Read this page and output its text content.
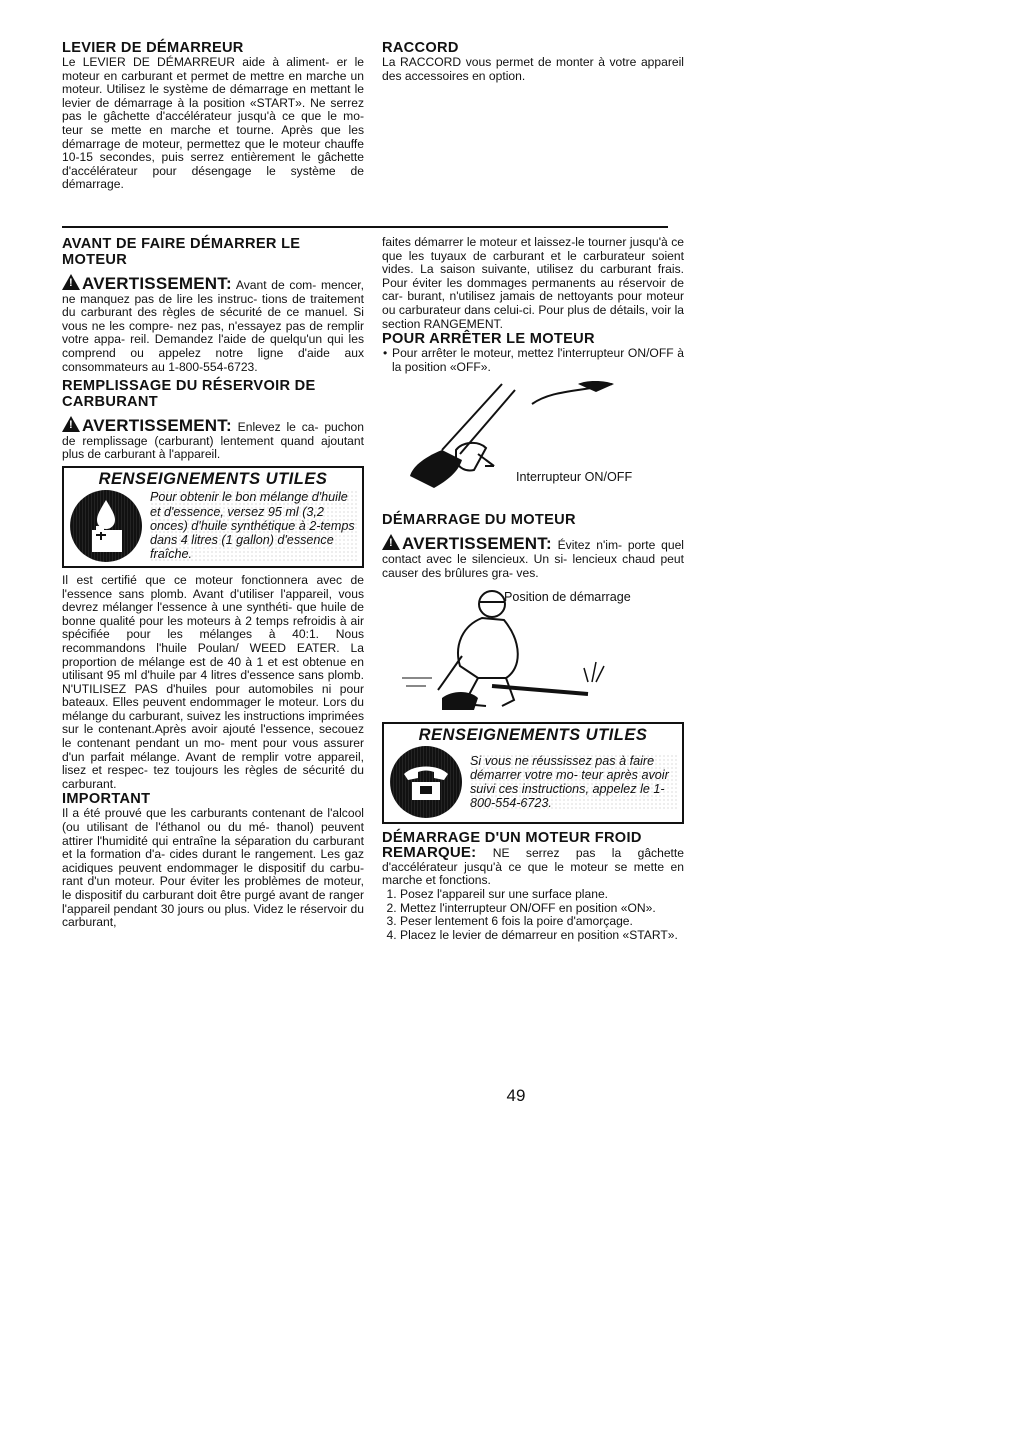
LEVIER DE DÉMARREUR

Le LEVIER DE DÉMARREUR aide à aliment- er le moteur en carburant et permet de mettre en marche un moteur. Utilisez le système de démarrage en mettant le levier de démarrage à la position «START». Ne serrez pas le gâchette d'accélérateur jusqu'à ce que le mo- teur se mette en marche et tourne. Après que les démarrage de moteur, permettez que le moteur chauffe 10-15 secondes, puis serrez entièrement le gâchette d'accélérateur pour désengage le système de démarrage.

RACCORD

La RACCORD vous permet de monter à votre appareil des accessoires en option.

AVANT DE FAIRE DÉMARRER LE MOTEUR

!AVERTISSEMENT: Avant de com- mencer, ne manquez pas de lire les instruc- tions de traitement du carburant des règles de sécurité de ce manuel. Si vous ne les compre- nez pas, n'essayez pas de remplir votre appa- reil. Demandez l'aide de quelqu'un qui les comprend ou appelez notre ligne d'aide aux consommateurs au 1-800-554-6723.

REMPLISSAGE DU RÉSERVOIR DE CARBURANT

!AVERTISSEMENT: Enlevez le ca- puchon de remplissage (carburant) lentement quand ajoutant plus de carburant à l'appareil.

RENSEIGNEMENTS UTILES
Pour obtenir le bon mélange d'huile et d'essence, versez 95 ml (3,2 onces) d'huile synthétique à 2-temps dans 4 litres (1 gallon) d'essence fraîche.

Il est certifié que ce moteur fonctionnera avec de l'essence sans plomb. Avant d'utiliser l'appareil, vous devrez mélanger l'essence à une synthéti- que huile de bonne qualité pour les moteurs à 2 temps refroidis à air spécifiée pour les mélanges à 40:1. Nous recommandons l'huile Poulan/ WEED EATER. La proportion de mélange est de 40 à 1 et est obtenue en utilisant 95 ml d'huile par 4 litres d'essence sans plomb. N'UTILISEZ PAS d'huiles pour automobiles ni pour bateaux. Elles peuvent endommager le moteur. Lors du mélange du carburant, suivez les instructions imprimées sur le contenant.Après avoir ajouté l'essence, secouez le contenant pendant un mo- ment pour vous assurer d'un parfait mélange. Avant de remplir votre appareil, lisez et respec- tez toujours les règles de sécurité du carburant.

IMPORTANT

Il a été prouvé que les carburants contenant de l'alcool (ou utilisant de l'éthanol ou du mé- thanol) peuvent attirer l'humidité qui entraîne la séparation du carburant et la formation d'a- cides durant le rangement. Les gaz acidiques peuvent endommager le dispositif du carbu- rant d'un moteur. Pour éviter les problèmes de moteur, le dispositif du carburant doit être purgé avant de ranger l'appareil pendant 30 jours ou plus. Videz le réservoir du carburant,

faites démarrer le moteur et laissez-le tourner jusqu'à ce que les tuyaux de carburant et le carburateur soient vides. La saison suivante, utilisez du carburant frais. Pour éviter les dommages permanents au réservoir de car- burant, n'utilisez jamais de nettoyants pour moteur ou carburateur dans celui-ci. Pour plus de détails, voir la section RANGEMENT.

POUR ARRÊTER LE MOTEUR
• Pour arrêter le moteur, mettez l'interrupteur ON/OFF à la position «OFF».
Interrupteur ON/OFF
DÉMARRAGE DU MOTEUR

!AVERTISSEMENT: Évitez n'im- porte quel contact avec le silencieux. Un si- lencieux chaud peut causer des brûlures gra- ves.

Position de démarrage
RENSEIGNEMENTS UTILES
Si vous ne réussissez pas à faire démarrer votre mo- teur après avoir suivi ces instructions, appelez le 1-800-554-6723.
DÉMARRAGE D'UN MOTEUR FROID

REMARQUE: NE serrez pas la gâchette d'accélérateur jusqu'à ce que le moteur se mette en marche et fonctions.

1. Posez l'appareil sur une surface plane.
2. Mettez l'interrupteur ON/OFF en position «ON».
3. Peser lentement 6 fois la poire d'amorçage.
4. Placez le levier de démarreur en position «START».
49
